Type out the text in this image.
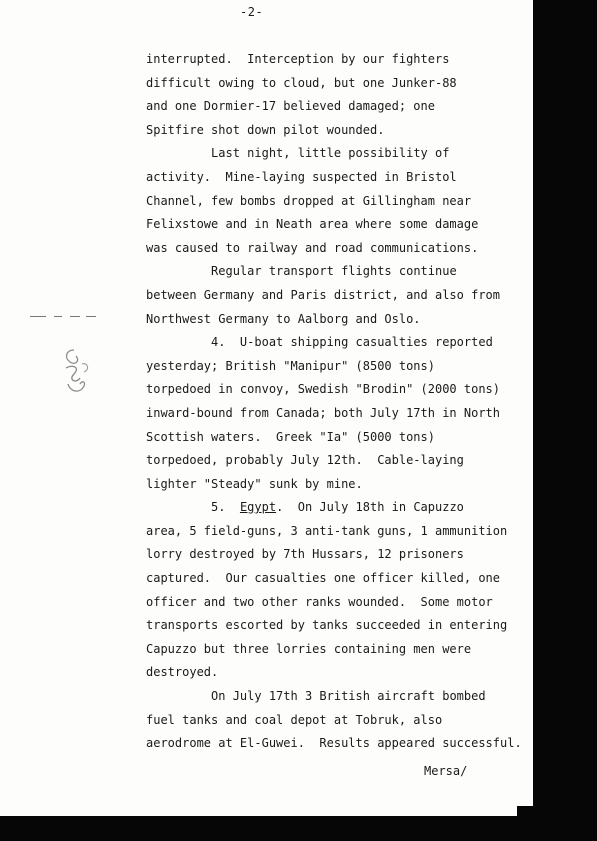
-2-
interrupted.  Interception by our fighters
difficult owing to cloud, but one Junker-88
and one Dormier-17 believed damaged; one
Spitfire shot down pilot wounded.
Last night, little possibility of
activity.  Mine-laying suspected in Bristol
Channel, few bombs dropped at Gillingham near
Felixstowe and in Neath area where some damage
was caused to railway and road communications.
Regular transport flights continue
between Germany and Paris district, and also from
Northwest Germany to Aalborg and Oslo.
4.  U-boat shipping casualties reported
yesterday; British "Manipur" (8500 tons)
torpedoed in convoy, Swedish "Brodin" (2000 tons)
inward-bound from Canada; both July 17th in North
Scottish waters.  Greek "Ia" (5000 tons)
torpedoed, probably July 12th.  Cable-laying
lighter "Steady" sunk by mine.
5.  Egypt.  On July 18th in Capuzzo
area, 5 field-guns, 3 anti-tank guns, 1 ammunition
lorry destroyed by 7th Hussars, 12 prisoners
captured.  Our casualties one officer killed, one
officer and two other ranks wounded.  Some motor
transports escorted by tanks succeeded in entering
Capuzzo but three lorries containing men were
destroyed.
On July 17th 3 British aircraft bombed
fuel tanks and coal depot at Tobruk, also
aerodrome at El-Guwei.  Results appeared successful.
Mersa/
